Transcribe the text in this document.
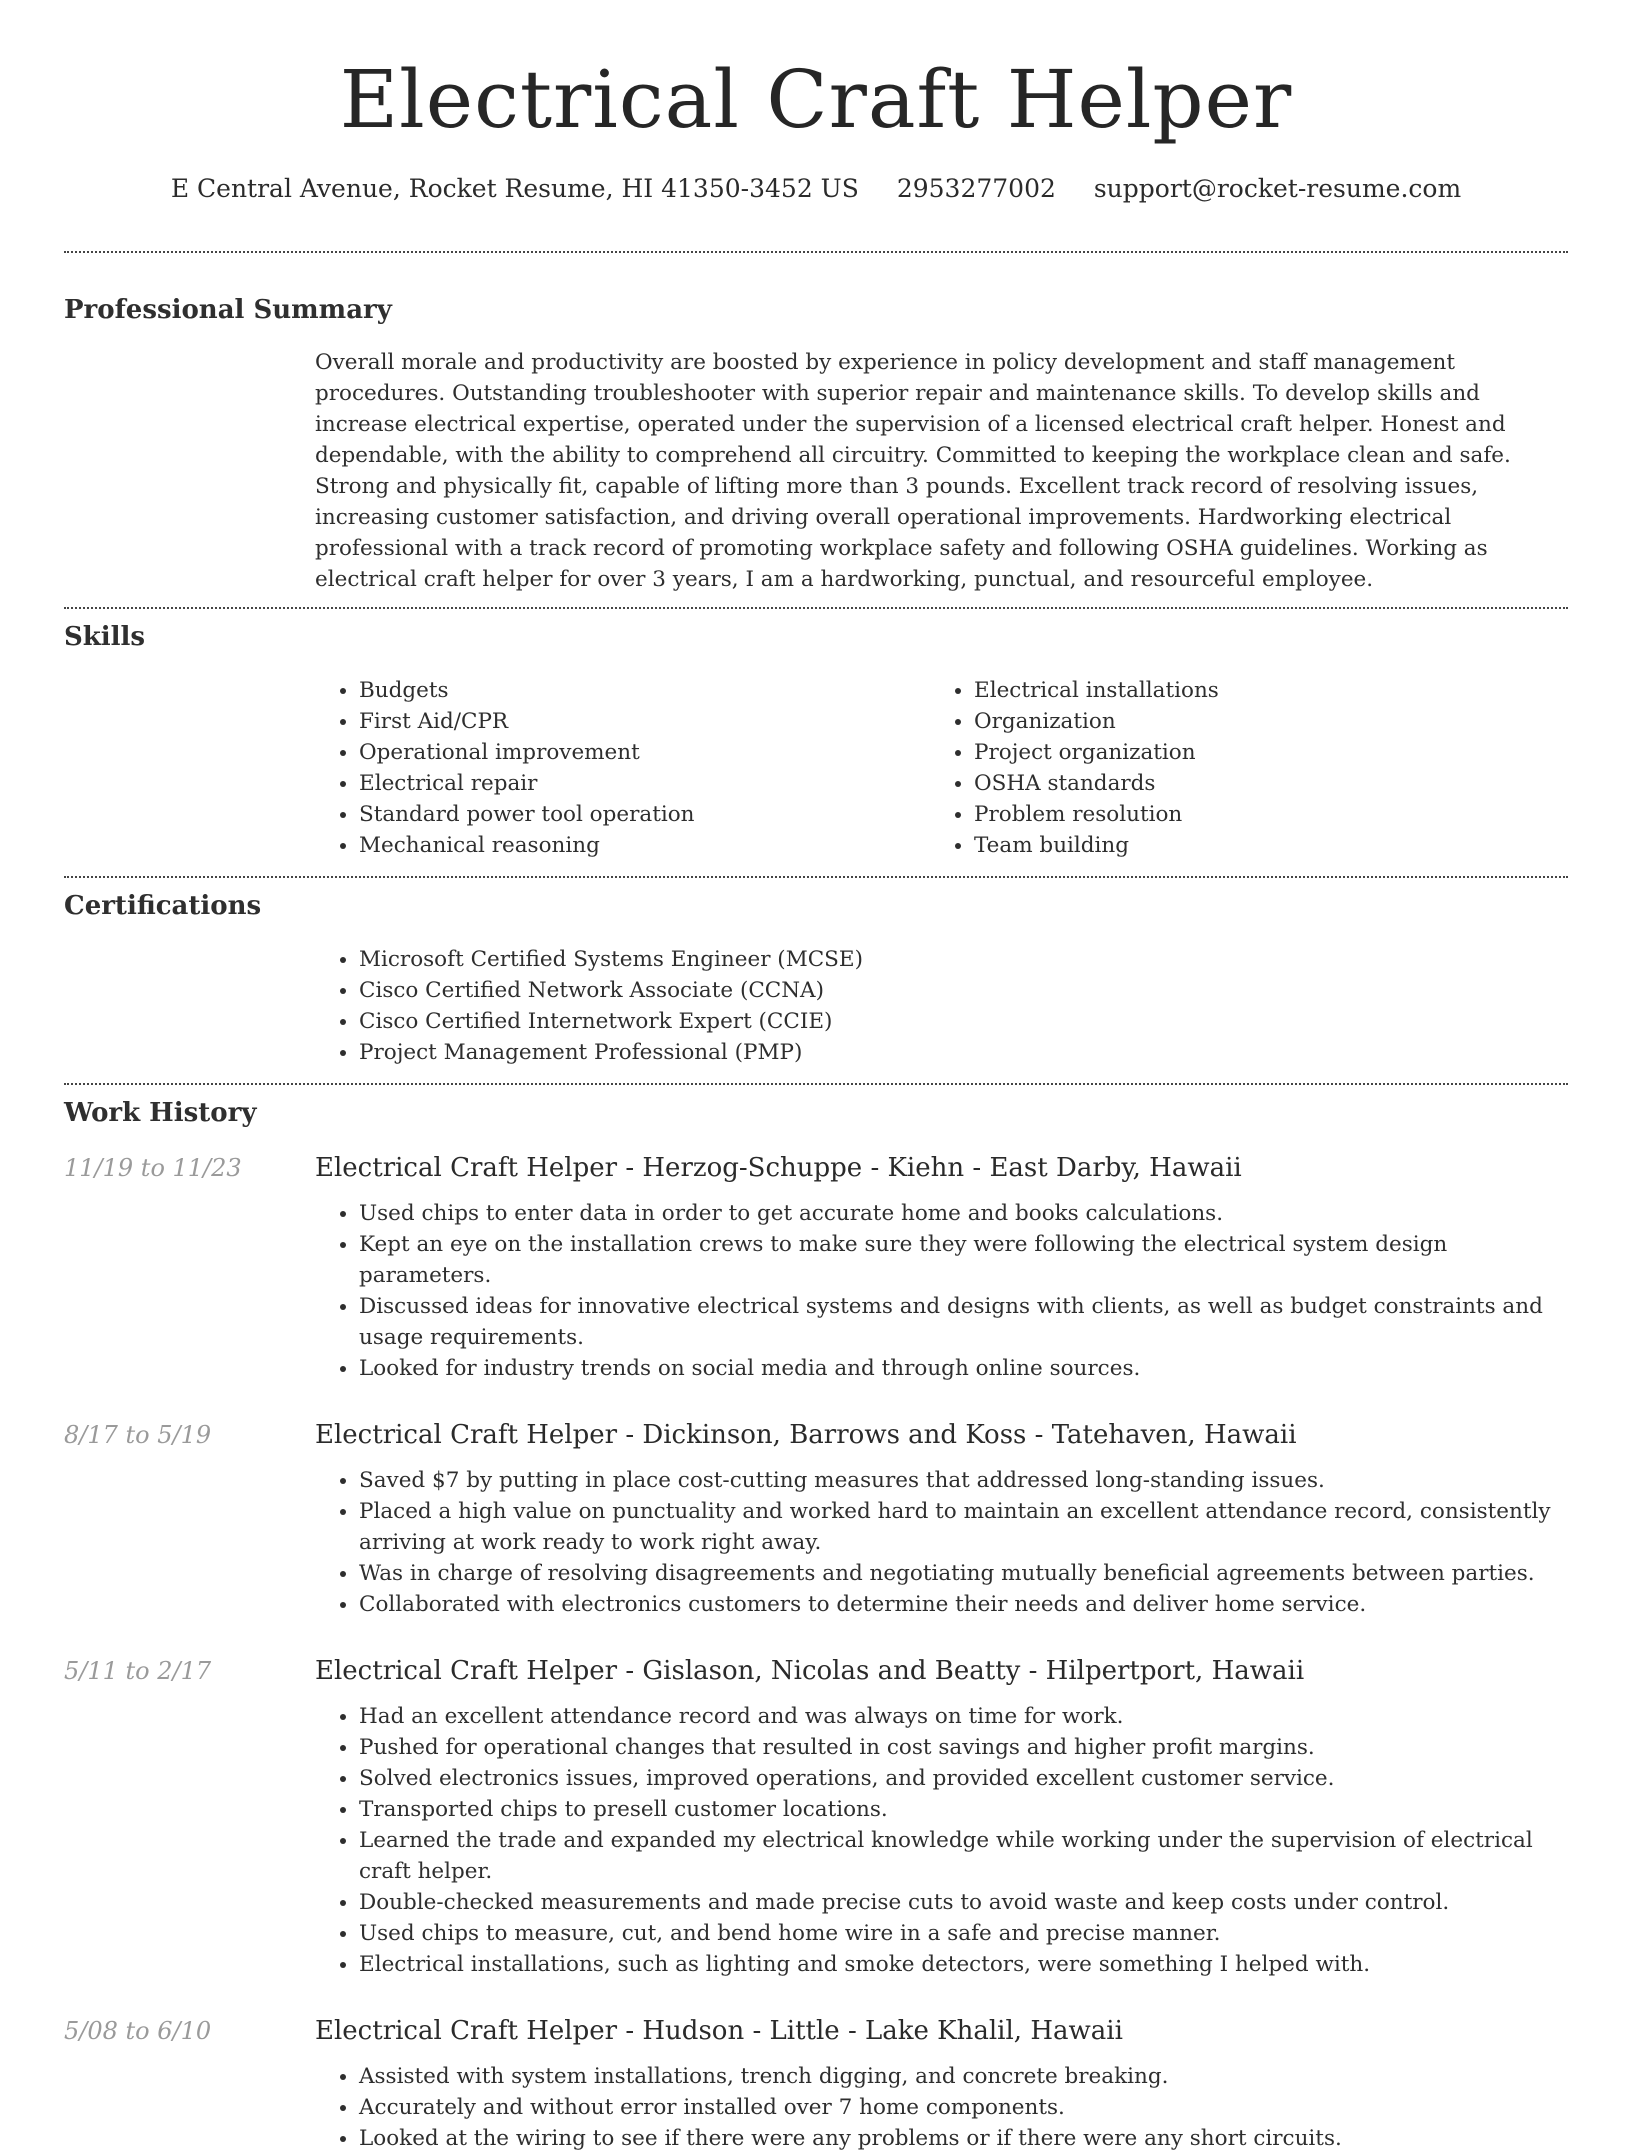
Electrical Craft Helper
E Central Avenue, Rocket Resume, HI 41350-3452 US 2953277002 support@rocket-resume.com
Professional Summary
Overall morale and productivity are boosted by experience in policy development and staff management procedures. Outstanding troubleshooter with superior repair and maintenance skills. To develop skills and increase electrical expertise, operated under the supervision of a licensed electrical craft helper. Honest and dependable, with the ability to comprehend all circuitry. Committed to keeping the workplace clean and safe. Strong and physically fit, capable of lifting more than 3 pounds. Excellent track record of resolving issues, increasing customer satisfaction, and driving overall operational improvements. Hardworking electrical professional with a track record of promoting workplace safety and following OSHA guidelines. Working as electrical craft helper for over 3 years, I am a hardworking, punctual, and resourceful employee.
Skills
• Budgets
• First Aid/CPR
• Operational improvement
• Electrical repair
• Standard power tool operation
• Mechanical reasoning
• Electrical installations
• Organization
• Project organization
• OSHA standards
• Problem resolution
• Team building
Certifications
• Microsoft Certified Systems Engineer (MCSE)
• Cisco Certified Network Associate (CCNA)
• Cisco Certified Internetwork Expert (CCIE)
• Project Management Professional (PMP)
Work History
11/19 to 11/23	Electrical Craft Helper - Herzog-Schuppe - Kiehn - East Darby, Hawaii
• Used chips to enter data in order to get accurate home and books calculations.
• Kept an eye on the installation crews to make sure they were following the electrical system design parameters.
• Discussed ideas for innovative electrical systems and designs with clients, as well as budget constraints and usage requirements.
• Looked for industry trends on social media and through online sources.
8/17 to 5/19	Electrical Craft Helper - Dickinson, Barrows and Koss - Tatehaven, Hawaii
• Saved $7 by putting in place cost-cutting measures that addressed long-standing issues.
• Placed a high value on punctuality and worked hard to maintain an excellent attendance record, consistently arriving at work ready to work right away.
• Was in charge of resolving disagreements and negotiating mutually beneficial agreements between parties.
• Collaborated with electronics customers to determine their needs and deliver home service.
5/11 to 2/17	Electrical Craft Helper - Gislason, Nicolas and Beatty - Hilpertport, Hawaii
• Had an excellent attendance record and was always on time for work.
• Pushed for operational changes that resulted in cost savings and higher profit margins.
• Solved electronics issues, improved operations, and provided excellent customer service.
• Transported chips to presell customer locations.
• Learned the trade and expanded my electrical knowledge while working under the supervision of electrical craft helper.
• Double-checked measurements and made precise cuts to avoid waste and keep costs under control.
• Used chips to measure, cut, and bend home wire in a safe and precise manner.
• Electrical installations, such as lighting and smoke detectors, were something I helped with.
5/08 to 6/10	Electrical Craft Helper - Hudson - Little - Lake Khalil, Hawaii
• Assisted with system installations, trench digging, and concrete breaking.
• Accurately and without error installed over 7 home components.
• Looked at the wiring to see if there were any problems or if there were any short circuits.
